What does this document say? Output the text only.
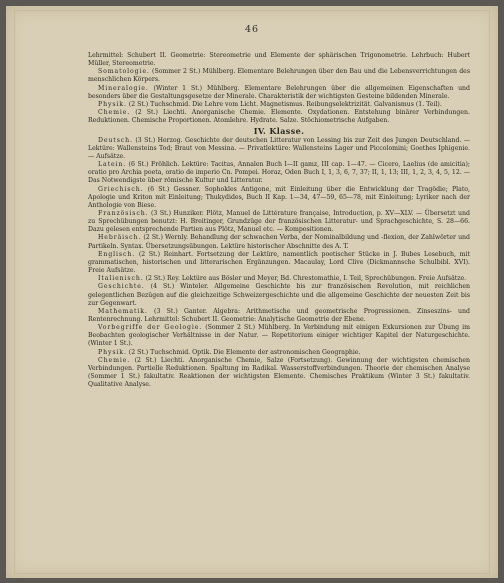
46

Lehrmittel: Schubert II. Geometrie: Stereometrie und Elemente der sphärischen Trigonometrie. Lehrbuch: Hubert Müller, Stereometrie.

Somatologie. (Sommer 2 St.) Mühlberg. Elementare Belehrungen über den Bau und die Lebensverrichtungen des menschlichen Körpers.

Mineralogie. (Winter 1 St.) Mühlberg. Elementare Belehrungen über die allgemeinen Eigenschaften und besonders über die Gestaltungsgesetze der Minerale. Charakteristik der wichtigsten Gesteine bildenden Minerale.

Physik. (2 St.) Tuchschmid. Die Lehre vom Licht. Magnetismus. Reibungselektrizität. Galvanismus (1. Teil).

Chemie. (2 St.) Liechti. Anorganische Chemie. Elemente. Oxydationen. Entstehung binärer Verbindungen. Reduktionen. Chemische Proportionen. Atomlehre. Hydrate. Salze. Stöchiometrische Aufgaben.

IV. Klasse.

Deutsch. (3 St.) Herzog. Geschichte der deutschen Litteratur von Lessing bis zur Zeit des Jungen Deutschland. — Lektüre: Wallensteins Tod; Braut von Messina. — Privatlektüre: Wallensteins Lager und Piccolomini; Goethes Iphigenie. — Aufsätze.

Latein. (6 St.) Fröhlich. Lektüre: Tacitus, Annalen Buch I—II gamz, III cap. 1—47. — Cicero, Laelius (de amicitia); oratio pro Archia poeta, oratio de imperio Cn. Pompei. Horaz, Oden Buch I, 1, 3, 6, 7, 37; II, 1, 13; III, 1, 2, 3, 4, 5, 12. — Das Notwendigste über römische Kultur und Litteratur.

Griechisch. (6 St.) Gessner. Sophokles Antigone, mit Einleitung über die Entwicklung der Tragödie; Plato, Apologie und Kriton mit Einleitung; Thukydides, Buch II Kap. 1—34, 47—59, 65—78, mit Einleitung; Lyriker nach der Anthologie von Biese.

Französisch. (3 St.) Hunziker. Plötz, Manuel de Littérature française, Introduction, p. XV—XLV. — Übersetzt und zu Sprechübungen benutzt: H. Breitinger, Grundzüge der französischen Litteratur- und Sprachgeschichte, S. 28—66. Dazu gelesen entsprechende Partien aus Plötz, Manuel etc. — Kompositionen.

Hebräisch. (2 St.) Wernly. Behandlung der schwachen Verba, der Nominalbildung und -flexion, der Zahlwörter und Partikeln. Syntax. Übersetzungsübungen. Lektüre historischer Abschnitte des A. T.

Englisch. (2 St.) Reinhart. Fortsetzung der Lektüre, namentlich poetischer Stücke in J. Bubes Lesebuch, mit grammatischen, historischen und litterarischen Ergänzungen. Macaulay, Lord Clive (Dickmannsche Schulbibl. XVI). Freie Aufsätze.

Italienisch. (2 St.) Rey. Lektüre aus Bösler und Meyer, Bd. Chrestomathie, I. Teil, Sprechübungen. Freie Aufsätze.

Geschichte. (4 St.) Winteler. Allgemeine Geschichte bis zur französischen Revolution, mit reichlichen gelegentlichen Bezügen auf die gleichzeitige Schweizergeschichte und die allgemeine Geschichte der neuesten Zeit bis zur Gegenwart.

Mathematik. (3 St.) Ganter. Algebra: Arithmetische und geometrische Progressionen. Zinseszins- und Rentenrechnung. Lehrmittel: Schubert II. Geometrie: Analytische Geometrie der Ebene.

Vorbegriffe der Geologie. (Sommer 2 St.) Mühlberg. In Verbindung mit einigen Exkursionen zur Übung im Beobachten geologischer Verhältnisse in der Natur. — Repetitorium einiger wichtiger Kapitel der Naturgeschichte. (Winter 1 St.).

Physik. (2 St.) Tuchschmid. Optik. Die Elemente der astronomischen Geographie.

Chemie. (2 St.) Liechti. Anorganische Chemie, Salze (Fortsetzung). Gewinnung der wichtigsten chemischen Verbindungen. Partielle Reduktionen. Spaltung im Radikal. Wasserstoffverbindungen. Theorie der chemischen Analyse (Sommer 1 St.) fakultativ. Reaktionen der wichtigsten Elemente. Chemisches Praktikum (Winter 3 St.) fakultativ. Qualitative Analyse.
